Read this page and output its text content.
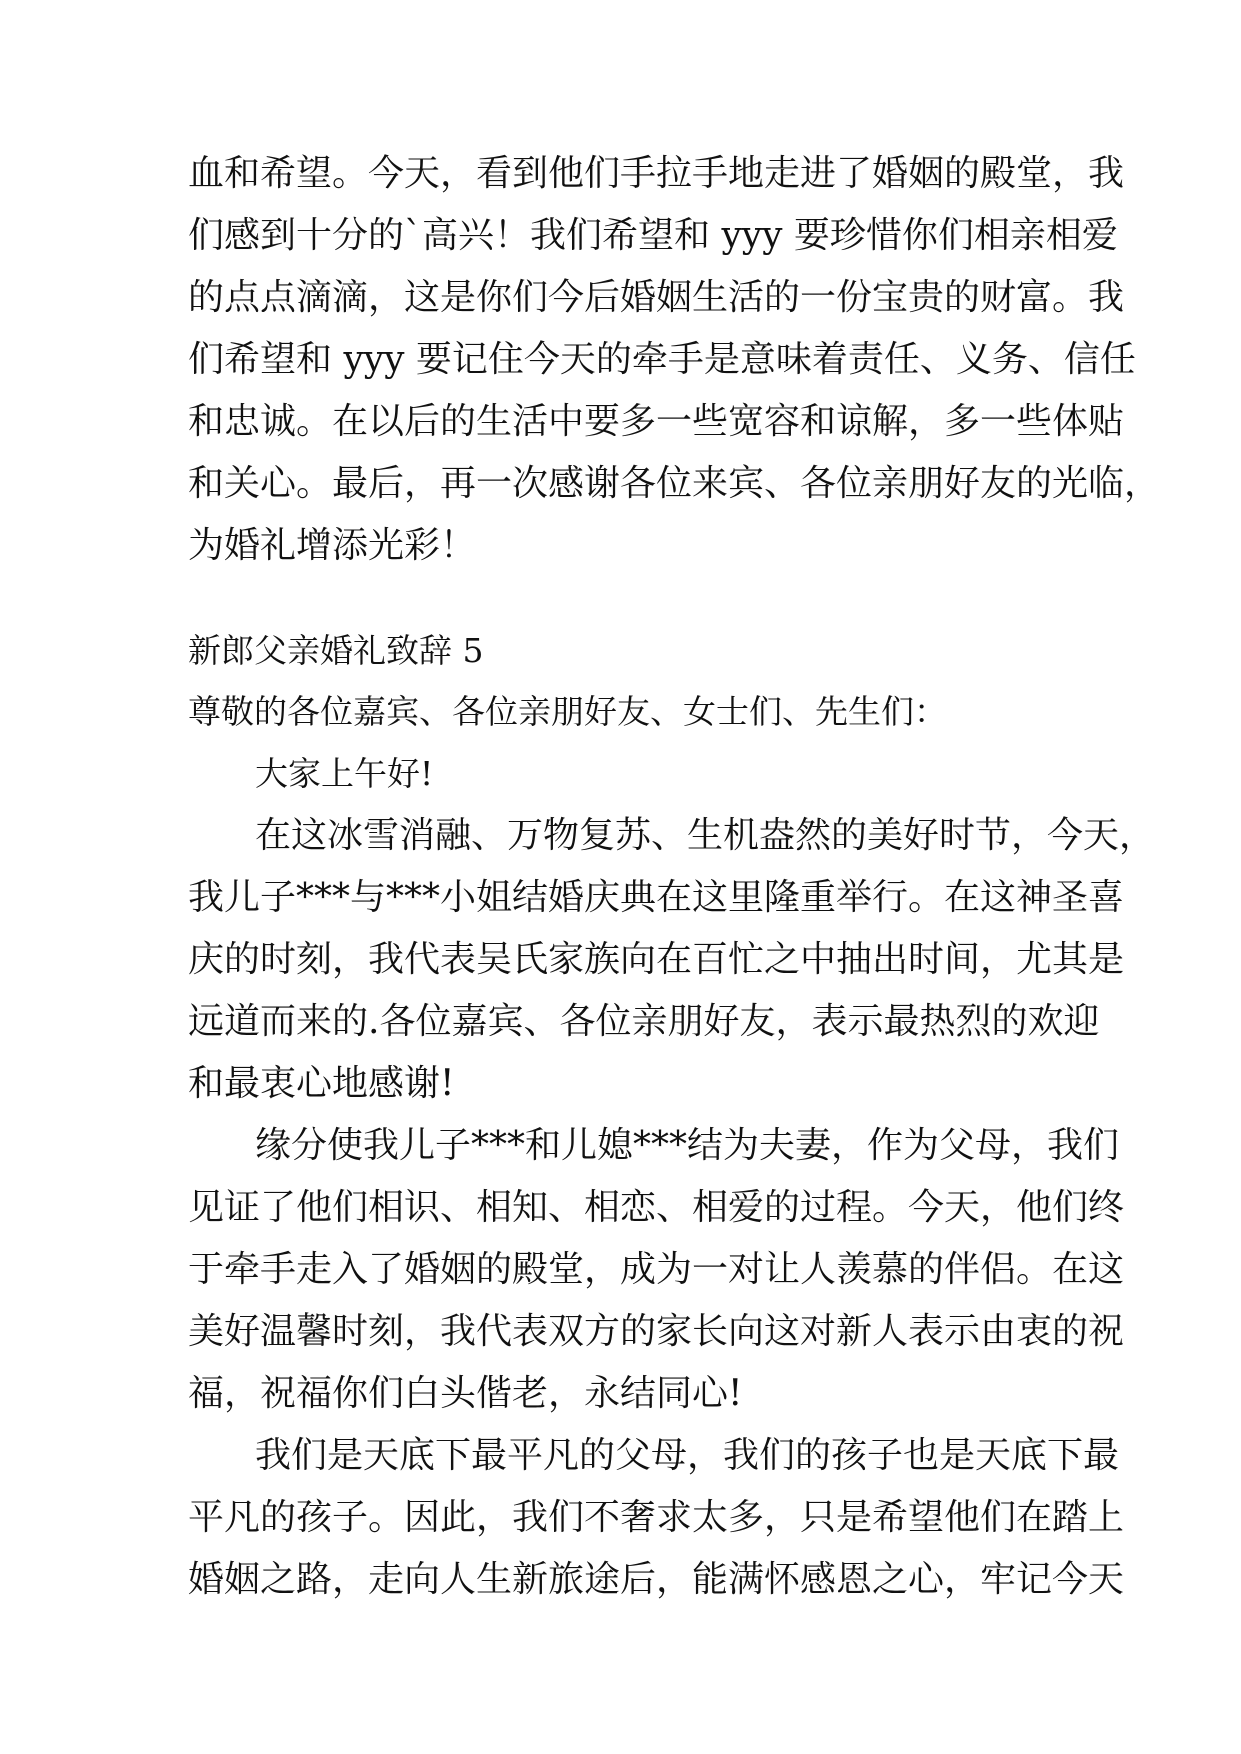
血和希望。今天，看到他们手拉手地走进了婚姻的殿堂，我
们感到十分的`高兴！我们希望和 yyy 要珍惜你们相亲相爱
的点点滴滴，这是你们今后婚姻生活的一份宝贵的财富。我
们希望和 yyy 要记住今天的牵手是意味着责任、义务、信任
和忠诚。在以后的生活中要多一些宽容和谅解，多一些体贴
和关心。最后，再一次感谢各位来宾、各位亲朋好友的光临，
为婚礼增添光彩！
新郎父亲婚礼致辞 5
尊敬的各位嘉宾、各位亲朋好友、女士们、先生们：
大家上午好!
在这冰雪消融、万物复苏、生机盎然的美好时节，今天，
我儿子***与***小姐结婚庆典在这里隆重举行。在这神圣喜
庆的时刻，我代表吴氏家族向在百忙之中抽出时间，尤其是
远道而来的.各位嘉宾、各位亲朋好友，表示最热烈的欢迎
和最衷心地感谢!
缘分使我儿子***和儿媳***结为夫妻，作为父母，我们
见证了他们相识、相知、相恋、相爱的过程。今天，他们终
于牵手走入了婚姻的殿堂，成为一对让人羡慕的伴侣。在这
美好温馨时刻，我代表双方的家长向这对新人表示由衷的祝
福，祝福你们白头偕老，永结同心!
我们是天底下最平凡的父母，我们的孩子也是天底下最
平凡的孩子。因此，我们不奢求太多，只是希望他们在踏上
婚姻之路，走向人生新旅途后，能满怀感恩之心，牢记今天
